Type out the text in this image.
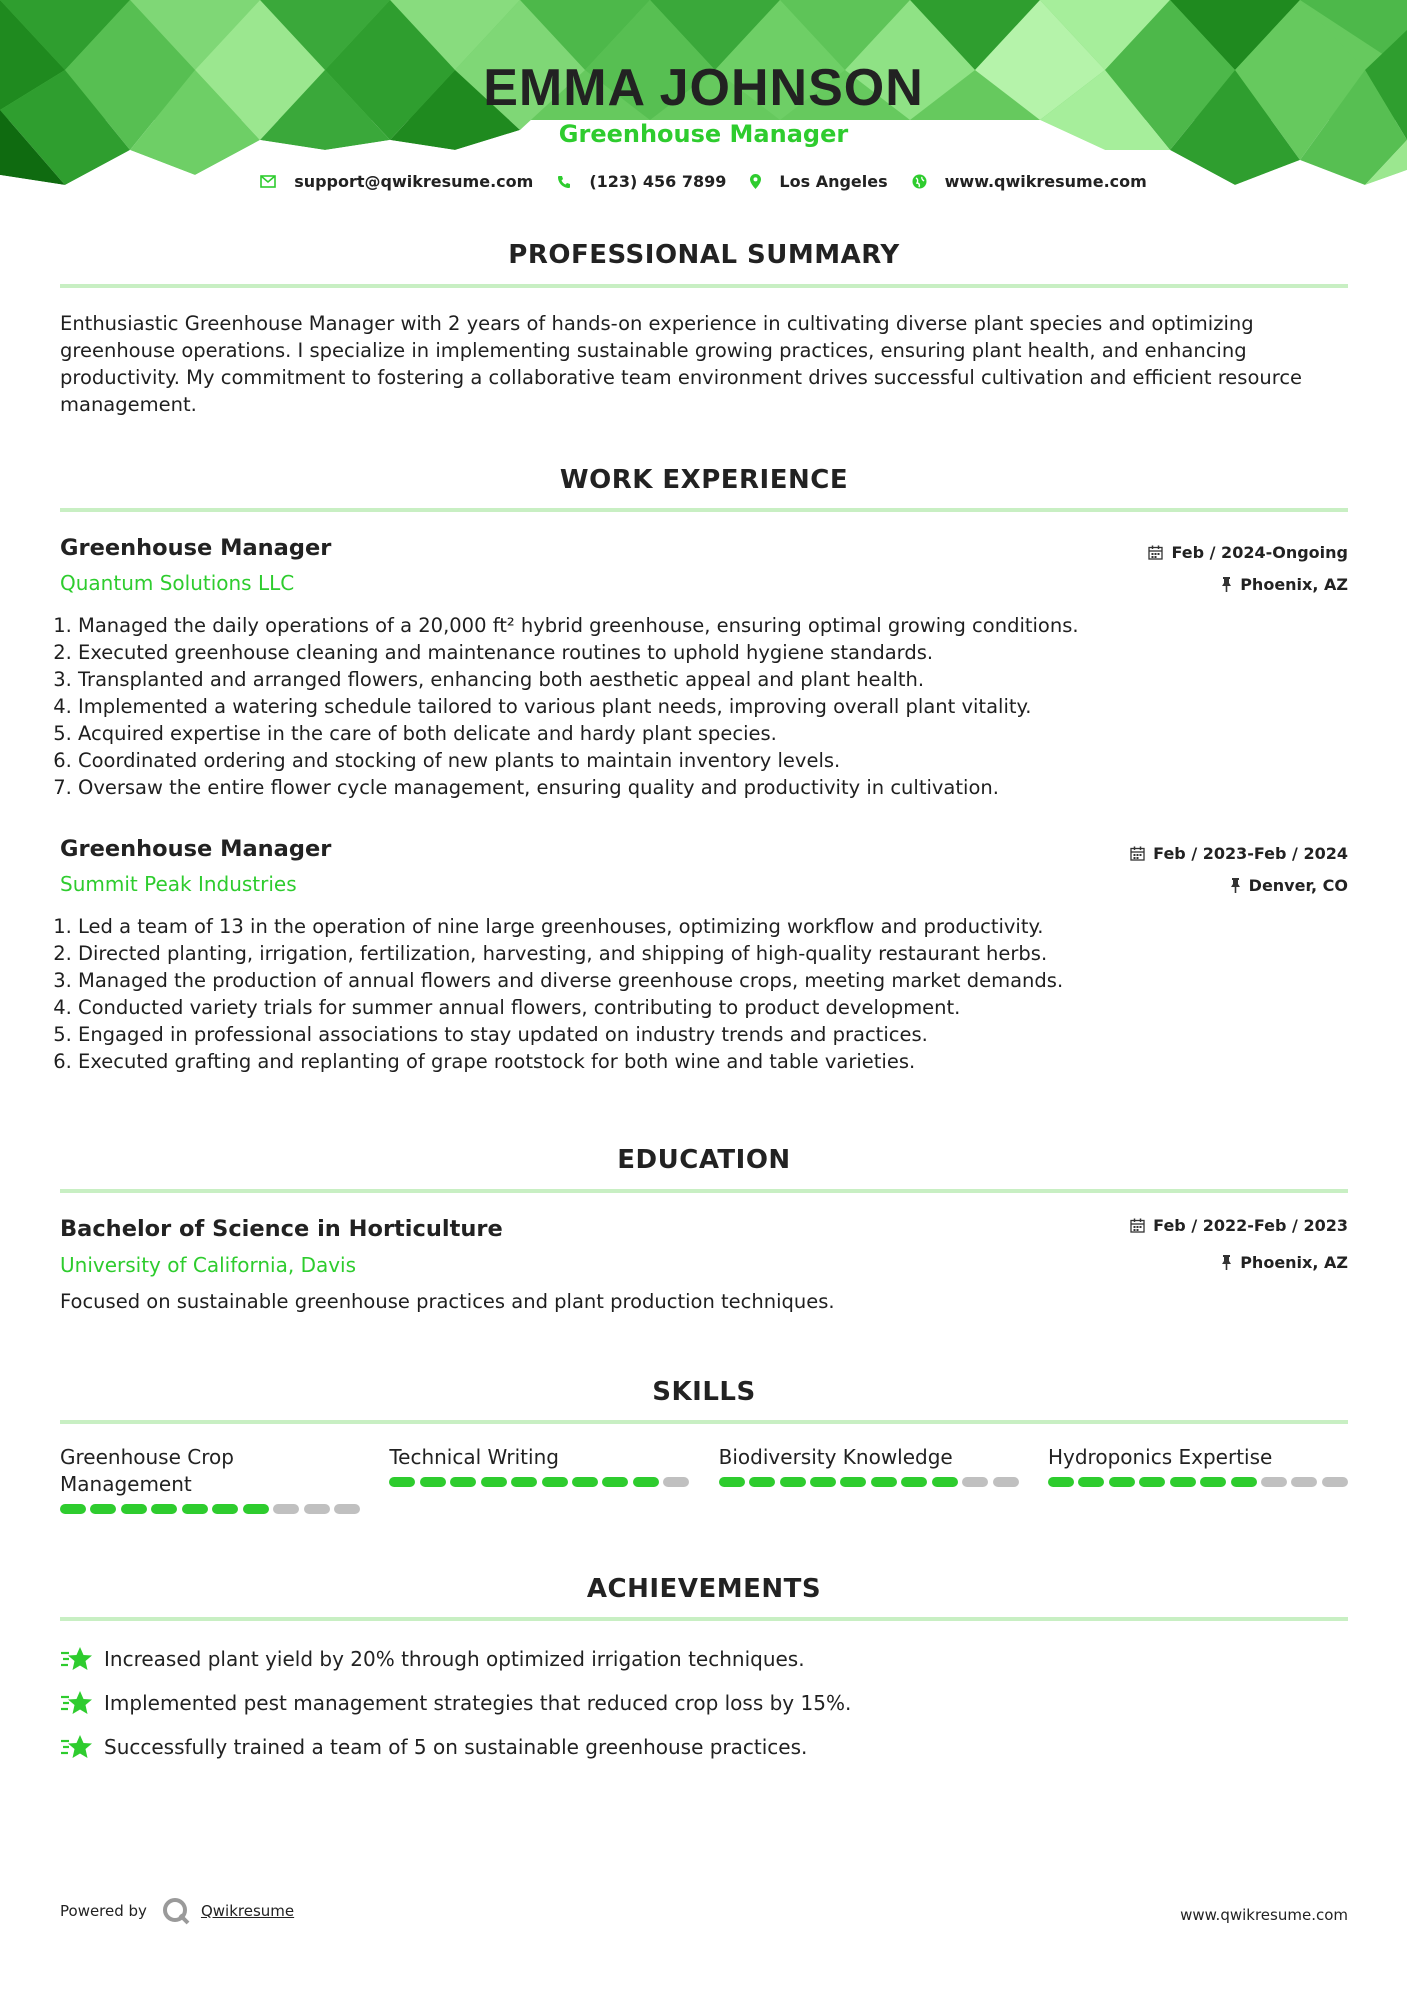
EMMA JOHNSON
Greenhouse Manager
support@qwikresume.com	(123) 456 7899	Los Angeles	www.qwikresume.com
PROFESSIONAL SUMMARY

Enthusiastic Greenhouse Manager with 2 years of hands-on experience in cultivating diverse plant species and optimizing greenhouse operations. I specialize in implementing sustainable growing practices, ensuring plant health, and enhancing productivity. My commitment to fostering a collaborative team environment drives successful cultivation and efficient resource management.

WORK EXPERIENCE
Greenhouse Manager	Feb / 2024-Ongoing
Quantum Solutions LLC	Phoenix, AZ
1. Managed the daily operations of a 20,000 ft² hybrid greenhouse, ensuring optimal growing conditions.
2. Executed greenhouse cleaning and maintenance routines to uphold hygiene standards.
3. Transplanted and arranged flowers, enhancing both aesthetic appeal and plant health.
4. Implemented a watering schedule tailored to various plant needs, improving overall plant vitality.
5. Acquired expertise in the care of both delicate and hardy plant species.
6. Coordinated ordering and stocking of new plants to maintain inventory levels.
7. Oversaw the entire flower cycle management, ensuring quality and productivity in cultivation.
Greenhouse Manager	Feb / 2023-Feb / 2024
Summit Peak Industries	Denver, CO
1. Led a team of 13 in the operation of nine large greenhouses, optimizing workflow and productivity.
2. Directed planting, irrigation, fertilization, harvesting, and shipping of high-quality restaurant herbs.
3. Managed the production of annual flowers and diverse greenhouse crops, meeting market demands.
4. Conducted variety trials for summer annual flowers, contributing to product development.
5. Engaged in professional associations to stay updated on industry trends and practices.
6. Executed grafting and replanting of grape rootstock for both wine and table varieties.
EDUCATION
Bachelor of Science in Horticulture	Feb / 2022-Feb / 2023
University of California, Davis	Phoenix, AZ

Focused on sustainable greenhouse practices and plant production techniques.

SKILLS
Greenhouse Crop Management
Technical Writing	Biodiversity Knowledge	Hydroponics Expertise
ACHIEVEMENTS
Increased plant yield by 20% through optimized irrigation techniques.
Implemented pest management strategies that reduced crop loss by 15%.
Successfully trained a team of 5 on sustainable greenhouse practices.
Powered by	Qwikresume	www.qwikresume.com
